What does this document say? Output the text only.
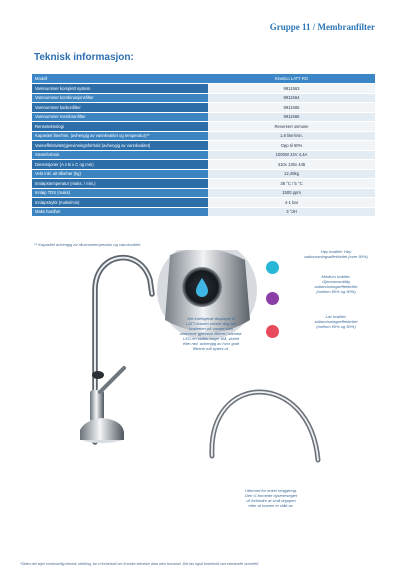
Gruppe 11 / Membranfilter
Teknisk informasjon:
Modell	Kinetico LATT RO
Varenummer komplett system	9911563
Varenummer kombinasjonsfilter	9911564
Varenummer karbonfilter	9911565
Varenummer membranfilter	9911566
Renseteknologi	Reversert osmose
Kapasitet liter/min. (avhengig av vannkvalitet og temperatur)**	1,6 liter/min.
Vanneffektivitet/gjenvinningsforhold (avhengig av vannkvalitet)	Opp til 60%
Strømforbruk	1000W 24V 4,4A
Dimensjoner (A x B x C og mm)	410x 130x 445
Vekt inkl. alt tilbehør (kg)	12,45kg
Innløpstemperatur (maks. / min.)	38 °C / 5 °C
Innløp TDS (maks)	1500 ppm
Innløpstrykk (maks/min)	4-1 bar
Maks hardhet	3 °dH
** Kapasitet avhengig av råvannstemperatur og vannkvalitet.
Det intelligente displayet til
LATT-kranen varsler deg om
kvaliteten på vannet som
strømmer gjennom filteret i sanntid.
LED-en skifter farge; blå, violett
eller rød, avhengig av hvor godt
filtrene må byttes ut.
Høy kvalitet: Høy
saltavvisningsaffektivitet (over 90%)
Medium kvalitet:
Gjennomsnittlig
saltavvisningseffektivitet
(mellom 80% og 90%)
Lav kvalitet:
saltavvisningseffektivitet
(mellom 80% og 50%)
Utformet for enkel rengjøring.
Den U-formede dyseneseglet
vil forhindre at små dryppen
etter at kranen er slått av.
*Siden det skjer kontinuerlig teknisk utvikling, tar vi forbehold om å endre tekniske data uten forvarsel. Det tas også forbehold mot eventuelle skrivefeil.
